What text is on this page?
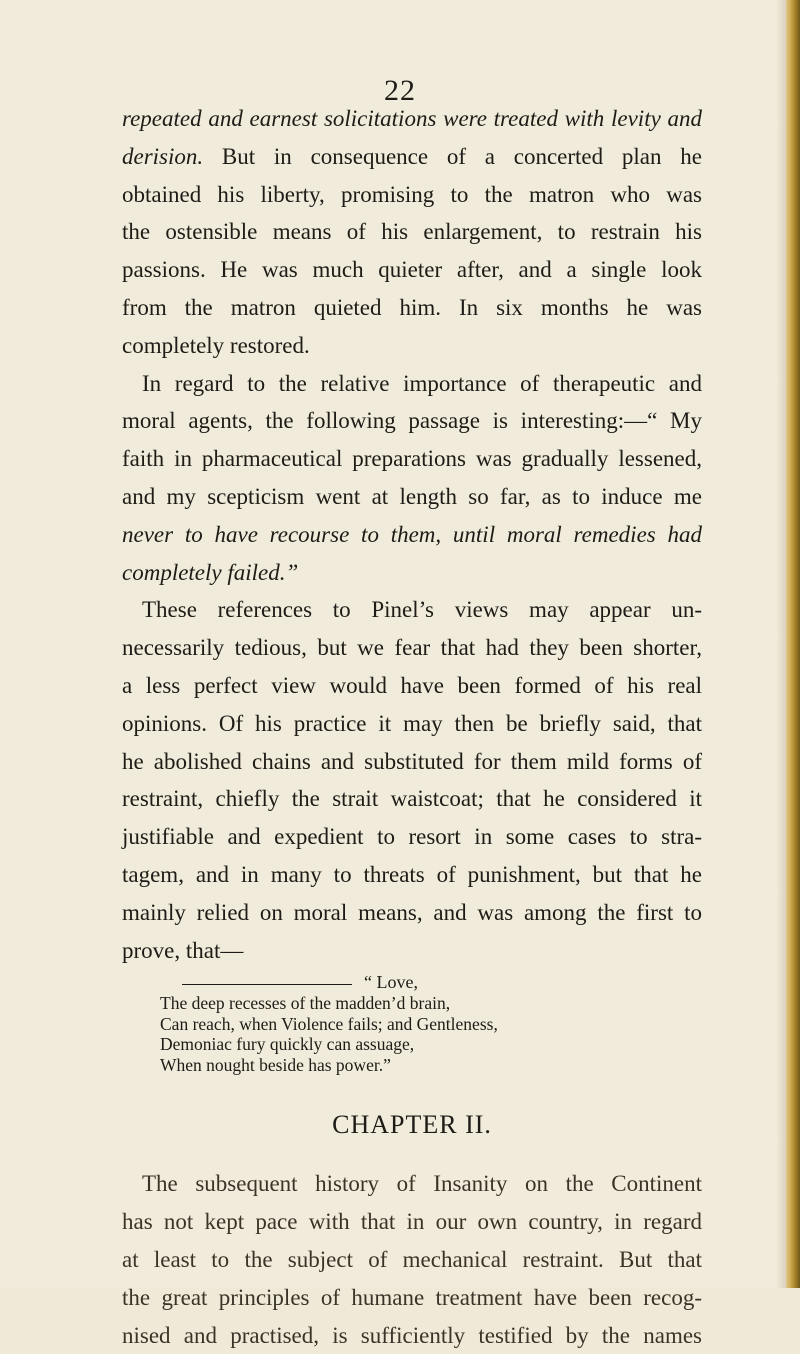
22
repeated and earnest solicitations were treated with levity and
derision. But in consequence of a concerted plan he
obtained his liberty, promising to the matron who was
the ostensible means of his enlargement, to restrain his
passions. He was much quieter after, and a single look
from the matron quieted him. In six months he was
completely restored.
In regard to the relative importance of therapeutic and
moral agents, the following passage is interesting:—“ My
faith in pharmaceutical preparations was gradually lessened,
and my scepticism went at length so far, as to induce me
never to have recourse to them, until moral remedies had
completely failed.”
These references to Pinel’s views may appear un-
necessarily tedious, but we fear that had they been shorter,
a less perfect view would have been formed of his real
opinions. Of his practice it may then be briefly said, that
he abolished chains and substituted for them mild forms of
restraint, chiefly the strait waistcoat; that he considered it
justifiable and expedient to resort in some cases to stra-
tagem, and in many to threats of punishment, but that he
mainly relied on moral means, and was among the first to
prove, that—
“ Love,
The deep recesses of the madden’d brain,
Can reach, when Violence fails; and Gentleness,
Demoniac fury quickly can assuage,
When nought beside has power.”
CHAPTER II.
The subsequent history of Insanity on the Continent
has not kept pace with that in our own country, in regard
at least to the subject of mechanical restraint. But that
the great principles of humane treatment have been recog-
nised and practised, is sufficiently testified by the names
